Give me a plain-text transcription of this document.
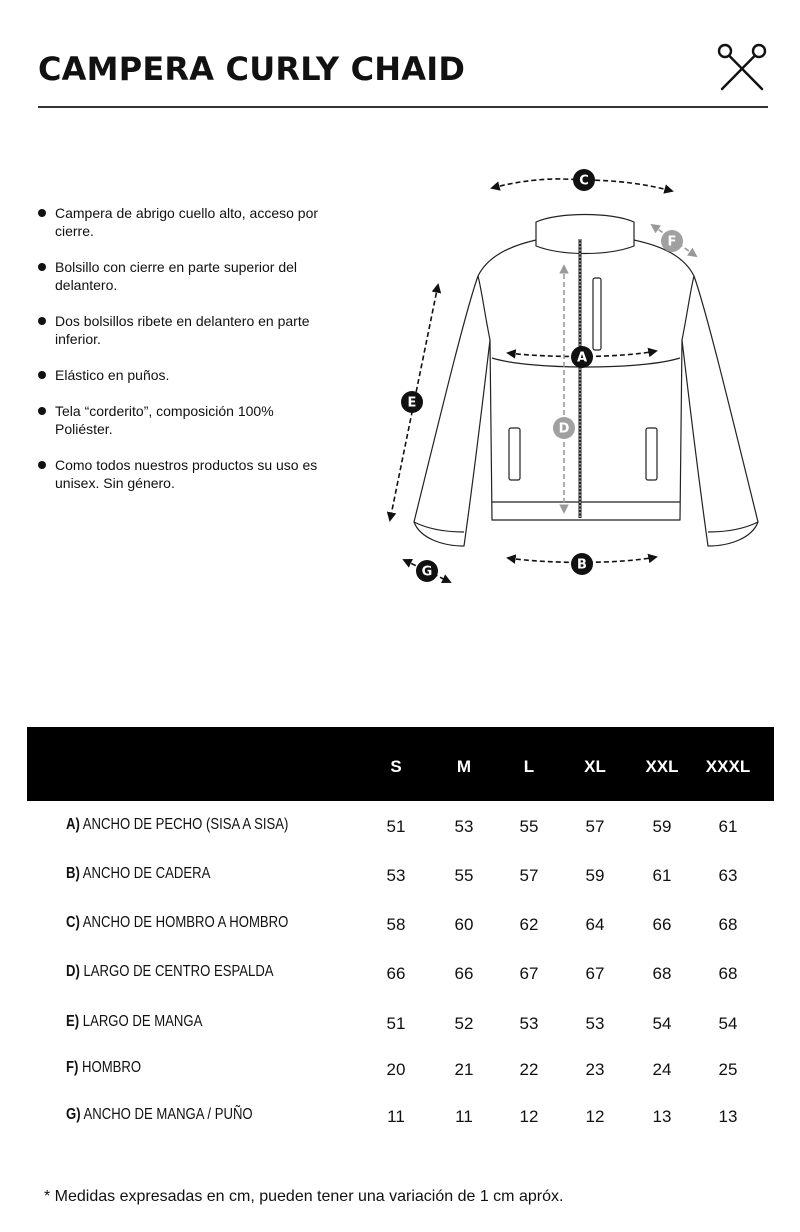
CAMPERA CURLY CHAID
Campera de abrigo cuello alto, acceso por cierre.
Bolsillo con cierre en parte superior del delantero.
Dos bolsillos ribete en delantero en parte inferior.
Elástico en puños.
Tela “corderito”, composición 100% Poliéster.
Como todos nuestros productos su uso es unisex. Sin género.
C
F
E
A
D
B
G
S	M	L	XL	XXL	XXXL
A) ANCHO DE PECHO (SISA A SISA)	51	53	55	57	59	61
B) ANCHO DE CADERA	53	55	57	59	61	63
C) ANCHO DE HOMBRO A HOMBRO	58	60	62	64	66	68
D) LARGO DE CENTRO ESPALDA	66	66	67	67	68	68
E) LARGO DE MANGA	51	52	53	53	54	54
F) HOMBRO	20	21	22	23	24	25
G) ANCHO DE MANGA / PUÑO	11	11	12	12	13	13
* Medidas expresadas en cm, pueden tener una variación de 1 cm apróx.
